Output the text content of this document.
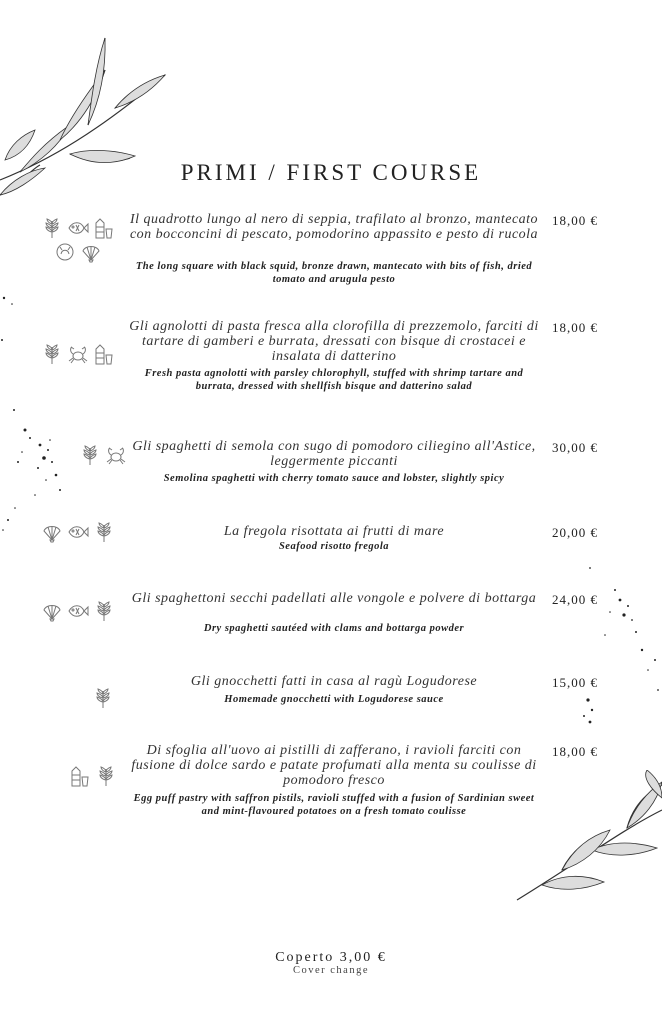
PRIMI / FIRST COURSE
Il quadrotto lungo al nero di seppia, trafilato al bronzo, mantecato con bocconcini di pescato, pomodorino appassito e pesto di rucola
The long square with black squid, bronze drawn, mantecato with bits of fish, dried tomato and arugula pesto
18,00 €
Gli agnolotti di pasta fresca alla clorofilla di prezzemolo, farciti di tartare di gamberi e burrata, dressati con bisque di crostacei e insalata di datterino
Fresh pasta agnolotti with parsley chlorophyll, stuffed with shrimp tartare and burrata, dressed with shellfish bisque and datterino salad
18,00 €
Gli spaghetti di semola con sugo di pomodoro ciliegino all'Astice, leggermente piccanti
Semolina spaghetti with cherry tomato sauce and lobster, slightly spicy
30,00 €
La fregola risottata ai frutti di mare
Seafood risotto fregola
20,00 €
Gli spaghettoni secchi padellati alle vongole e polvere di bottarga
Dry spaghetti sautéed with clams and bottarga powder
24,00 €
Gli gnocchetti fatti in casa al ragù Logudorese
Homemade gnocchetti with Logudorese sauce
15,00 €
Di sfoglia all'uovo ai pistilli di zafferano, i ravioli farciti con fusione di dolce sardo e patate profumati alla menta su coulisse di pomodoro fresco
Egg puff pastry with saffron pistils, ravioli stuffed with a fusion of Sardinian sweet and mint-flavoured potatoes on a fresh tomato coulisse
18,00 €
Coperto 3,00 €
Cover change
